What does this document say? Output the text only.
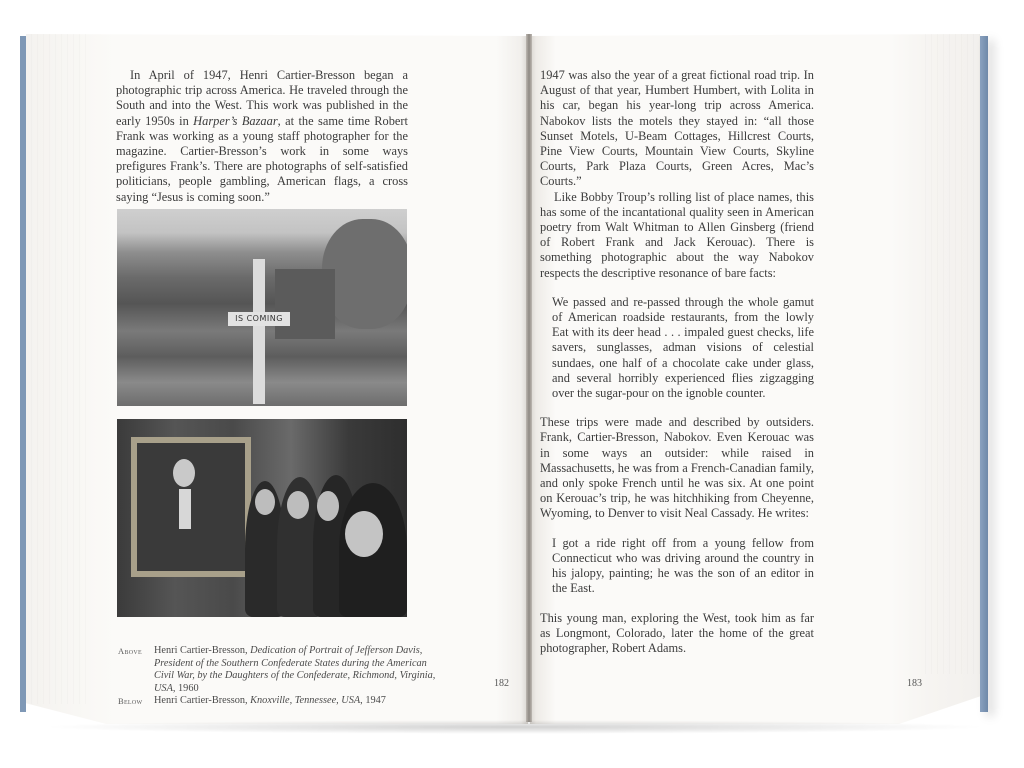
In April of 1947, Henri Cartier-Bresson began a photographic trip across America. He traveled through the South and into the West. This work was published in the early 1950s in Harper’s Bazaar, at the same time Robert Frank was working as a young staff photographer for the magazine. Cartier-Bresson’s work in some ways prefigures Frank’s. There are photographs of self-satisfied politicians, people gambling, American flags, a cross saying “Jesus is coming soon.”

IS COMING
Above	Henri Cartier-Bresson, Dedication of Portrait of Jefferson Davis, President of the Southern Confederate States during the American Civil War, by the Daughters of the Confederate, Richmond, Virginia, USA, 1960
Below	Henri Cartier-Bresson, Knoxville, Tennessee, USA, 1947
182

1947 was also the year of a great fictional road trip. In August of that year, Humbert Humbert, with Lolita in his car, began his year-long trip across America. Nabokov lists the motels they stayed in: “all those Sunset Motels, U-Beam Cottages, Hillcrest Courts, Pine View Courts, Mountain View Courts, Skyline Courts, Park Plaza Courts, Green Acres, Mac’s Courts.”

Like Bobby Troup’s rolling list of place names, this has some of the incantational quality seen in American poetry from Walt Whitman to Allen Ginsberg (friend of Robert Frank and Jack Kerouac). There is something photographic about the way Nabokov respects the descriptive resonance of bare facts:

We passed and re-passed through the whole gamut of American roadside restaurants, from the lowly Eat with its deer head . . . impaled guest checks, life savers, sunglasses, adman visions of celestial sundaes, one half of a chocolate cake under glass, and several horribly experienced flies zigzagging over the sugar-pour on the ignoble counter.

These trips were made and described by outsiders. Frank, Cartier-Bresson, Nabokov. Even Kerouac was in some ways an outsider: while raised in Massachusetts, he was from a French-Canadian family, and only spoke French until he was six. At one point on Kerouac’s trip, he was hitchhiking from Cheyenne, Wyoming, to Denver to visit Neal Cassady. He writes:

I got a ride right off from a young fellow from Connecticut who was driving around the country in his jalopy, painting; he was the son of an editor in the East.

This young man, exploring the West, took him as far as Longmont, Colorado, later the home of the great photographer, Robert Adams.

183
